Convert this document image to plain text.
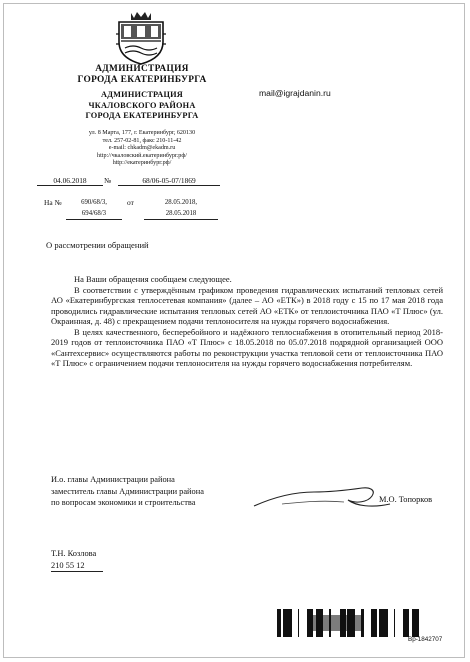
АДМИНИСТРАЦИЯ
ГОРОДА ЕКАТЕРИНБУРГА
АДМИНИСТРАЦИЯ
ЧКАЛОВСКОГО РАЙОНА
ГОРОДА ЕКАТЕРИНБУРГА
ул. 8 Марта, 177, г. Екатеринбург, 620130
тел. 257-02-81, факс 210-11-42
e-mail: chkadm@ekadm.ru
http://чкаловский.екатеринбург.рф/
http://екатеринбург.рф/
mail@igrajdanin.ru
04.06.2018	№	68/06-05-07/1869
На №	690/68/3,
694/68/3
от	28.05.2018,
28.05.2018
О рассмотрении обращений

На Ваши обращения сообщаем следующее.

В соответствии с утверждённым графиком проведения гидравлических испытаний тепловых сетей АО «Екатеринбургская теплосетевая компания» (далее – АО «ЕТК») в 2018 году с 15 по 17 мая 2018 года проводились гидравлические испытания тепловых сетей АО «ЕТК» от теплоисточника ПАО «Т Плюс» (ул. Окраинная, д. 48) с прекращением подачи теплоносителя на нужды горячего водоснабжения.

В целях качественного, бесперебойного и надёжного теплоснабжения в отопительный период 2018-2019 годов от теплоисточника ПАО «Т Плюс» с 18.05.2018 по 05.07.2018 подрядной организацией ООО «Сантехсервис» осуществляются работы по реконструкции участка тепловой сети от теплоисточника ПАО «Т Плюс» с ограничением подачи теплоносителя на нужды горячего водоснабжения потребителям.

И.о. главы Администрации района
заместитель главы Администрации района
по вопросам экономики и строительства	М.О. Топорков
Т.Н. Козлова
210 55 12
Вр-1842707
